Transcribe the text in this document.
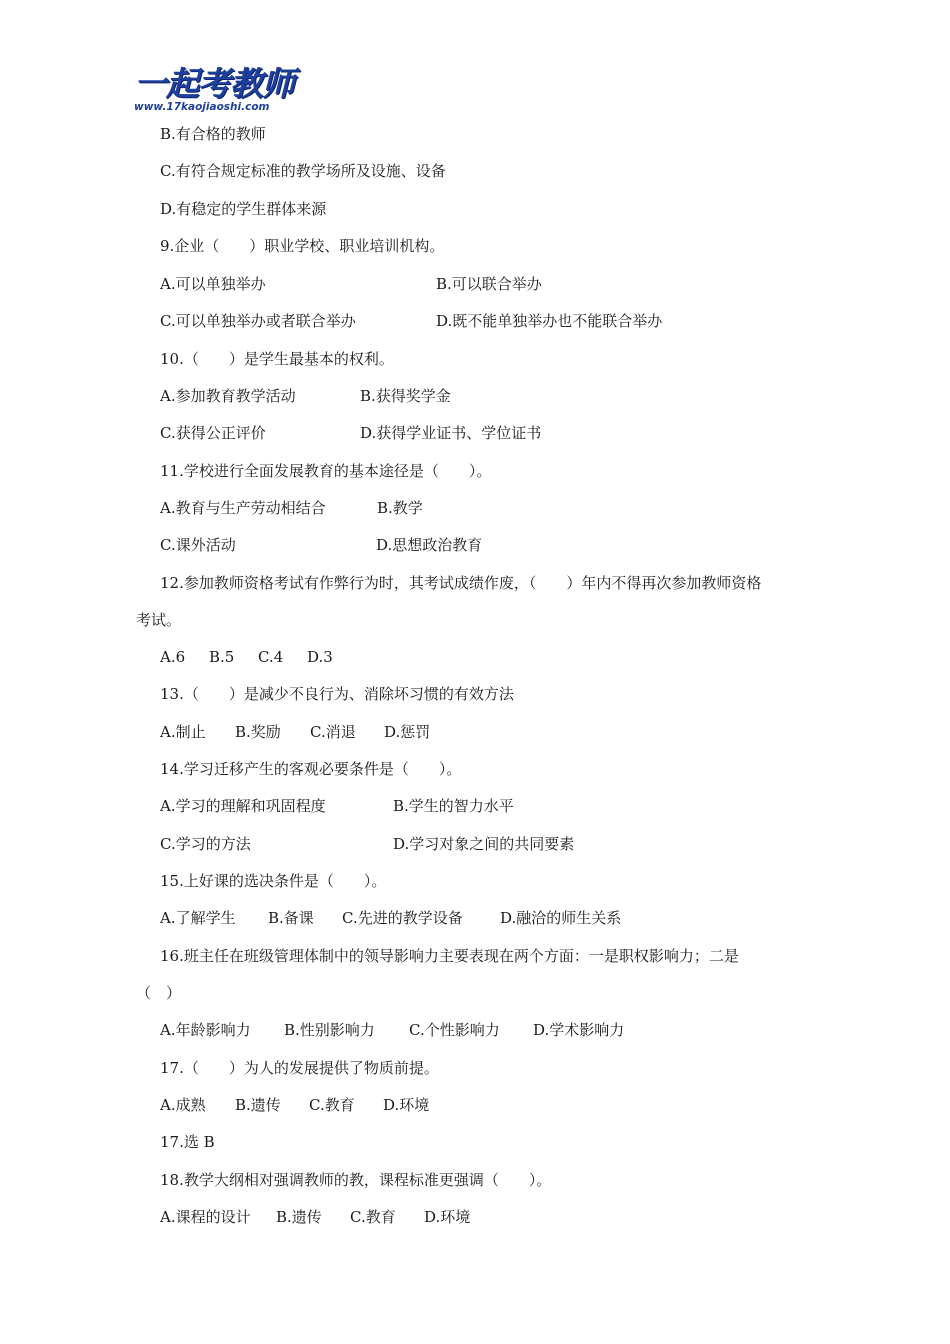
一起考教师
www.17kaojiaoshi.com
B.有合格的教师
C.有符合规定标准的教学场所及设施、设备
D.有稳定的学生群体来源
9.企业（　　）职业学校、职业培训机构。
A.可以单独举办	B.可以联合举办
C.可以单独举办或者联合举办	D.既不能单独举办也不能联合举办
10.（　　）是学生最基本的权利。
A.参加教育教学活动	B.获得奖学金
C.获得公正评价	D.获得学业证书、学位证书
11.学校进行全面发展教育的基本途径是（　　）。
A.教育与生产劳动相结合	B.教学
C.课外活动	D.思想政治教育
12.参加教师资格考试有作弊行为时，其考试成绩作废，（　　）年内不得再次参加教师资格
考试。
A.6 B.5 C.4 D.3
13.（　　）是减少不良行为、消除坏习惯的有效方法
A.制止 B.奖励 C.消退 D.惩罚
14.学习迁移产生的客观必要条件是（　　）。
A.学习的理解和巩固程度	B.学生的智力水平
C.学习的方法	D.学习对象之间的共同要素
15.上好课的选决条件是（　　）。
A.了解学生 B.备课 C.先进的教学设备 D.融洽的师生关系
16.班主任在班级管理体制中的领导影响力主要表现在两个方面：一是职权影响力；二是
（　）
A.年龄影响力 B.性别影响力 C.个性影响力 D.学术影响力
17.（　　）为人的发展提供了物质前提。
A.成熟 B.遗传 C.教育 D.环境
17.选 B
18.教学大纲相对强调教师的教，课程标准更强调（　　）。
A.课程的设计 B.遗传 C.教育 D.环境
